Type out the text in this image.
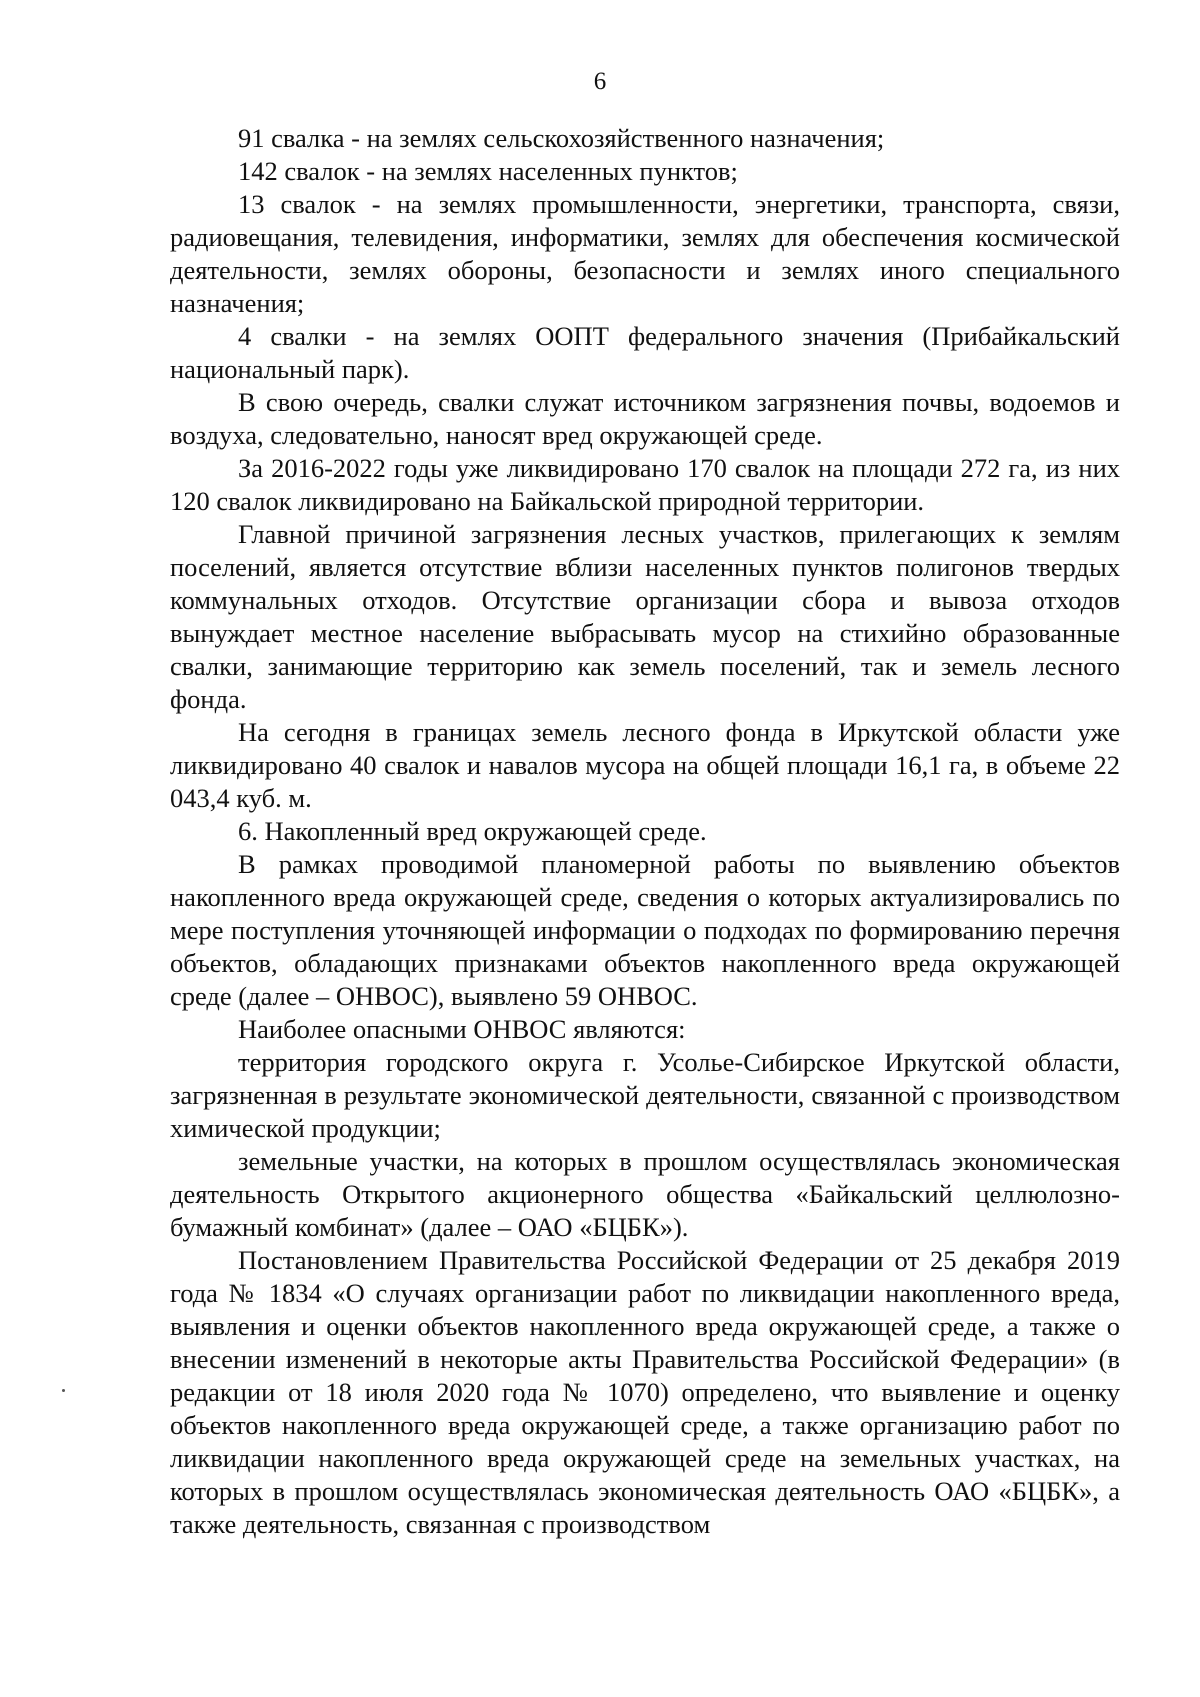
6

91 свалка - на землях сельскохозяйственного назначения;

142 свалок - на землях населенных пунктов;

13 свалок - на землях промышленности, энергетики, транспорта, связи, радиовещания, телевидения, информатики, землях для обеспечения космической деятельности, землях обороны, безопасности и землях иного специального назначения;

4 свалки - на землях ООПТ федерального значения (Прибайкальский национальный парк).

В свою очередь, свалки служат источником загрязнения почвы, водоемов и воздуха, следовательно, наносят вред окружающей среде.

За 2016-2022 годы уже ликвидировано 170 свалок на площади 272 га, из них 120 свалок ликвидировано на Байкальской природной территории.

Главной причиной загрязнения лесных участков, прилегающих к землям поселений, является отсутствие вблизи населенных пунктов полигонов твердых коммунальных отходов. Отсутствие организации сбора и вывоза отходов вынуждает местное население выбрасывать мусор на стихийно образованные свалки, занимающие территорию как земель поселений, так и земель лесного фонда.

На сегодня в границах земель лесного фонда в Иркутской области уже ликвидировано 40 свалок и навалов мусора на общей площади 16,1 га, в объеме 22 043,4 куб. м.

6. Накопленный вред окружающей среде.

В рамках проводимой планомерной работы по выявлению объектов накопленного вреда окружающей среде, сведения о которых актуализировались по мере поступления уточняющей информации о подходах по формированию перечня объектов, обладающих признаками объектов накопленного вреда окружающей среде (далее – ОНВОС), выявлено 59 ОНВОС.

Наиболее опасными ОНВОС являются:

территория городского округа г. Усолье-Сибирское Иркутской области, загрязненная в результате экономической деятельности, связанной с производством химической продукции;

земельные участки, на которых в прошлом осуществлялась экономическая деятельность Открытого акционерного общества «Байкальский целлюлозно-бумажный комбинат» (далее – ОАО «БЦБК»).

Постановлением Правительства Российской Федерации от 25 декабря 2019 года № 1834 «О случаях организации работ по ликвидации накопленного вреда, выявления и оценки объектов накопленного вреда окружающей среде, а также о внесении изменений в некоторые акты Правительства Российской Федерации» (в редакции от 18 июля 2020 года № 1070) определено, что выявление и оценку объектов накопленного вреда окружающей среде, а также организацию работ по ликвидации накопленного вреда окружающей среде на земельных участках, на которых в прошлом осуществлялась экономическая деятельность ОАО «БЦБК», а также деятельность, связанная с производством
